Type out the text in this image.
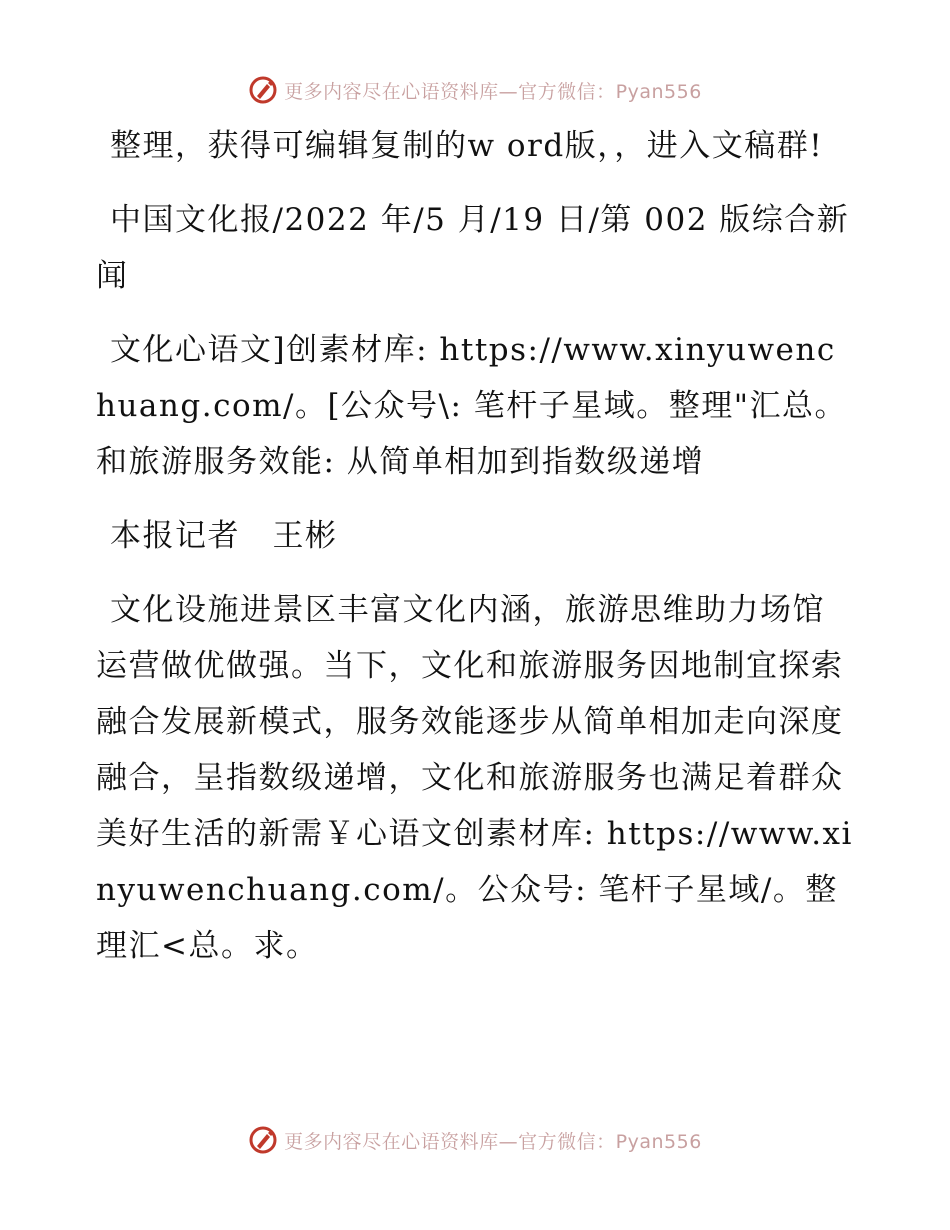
更多内容尽在心语资料库—官方微信：Pyan556

整理，获得可编辑复制的w ord版，，进入文稿群!

中国文化报/2022 年/5 月/19 日/第 002 版综合新闻

文化心语文]创素材库: https://www.xinyuwenchuang.com/。[公众号\: 笔杆子星域。整理"汇总。和旅游服务效能: 从简单相加到指数级递增

本报记者　王彬

文化设施进景区丰富文化内涵，旅游思维助力场馆运营做优做强。当下，文化和旅游服务因地制宜探索融合发展新模式，服务效能逐步从简单相加走向深度融合，呈指数级递增，文化和旅游服务也满足着群众美好生活的新需￥心语文创素材库: https://www.xinyuwenchuang.com/。公众号: 笔杆子星域/。整理汇<总。求。

更多内容尽在心语资料库—官方微信：Pyan556
